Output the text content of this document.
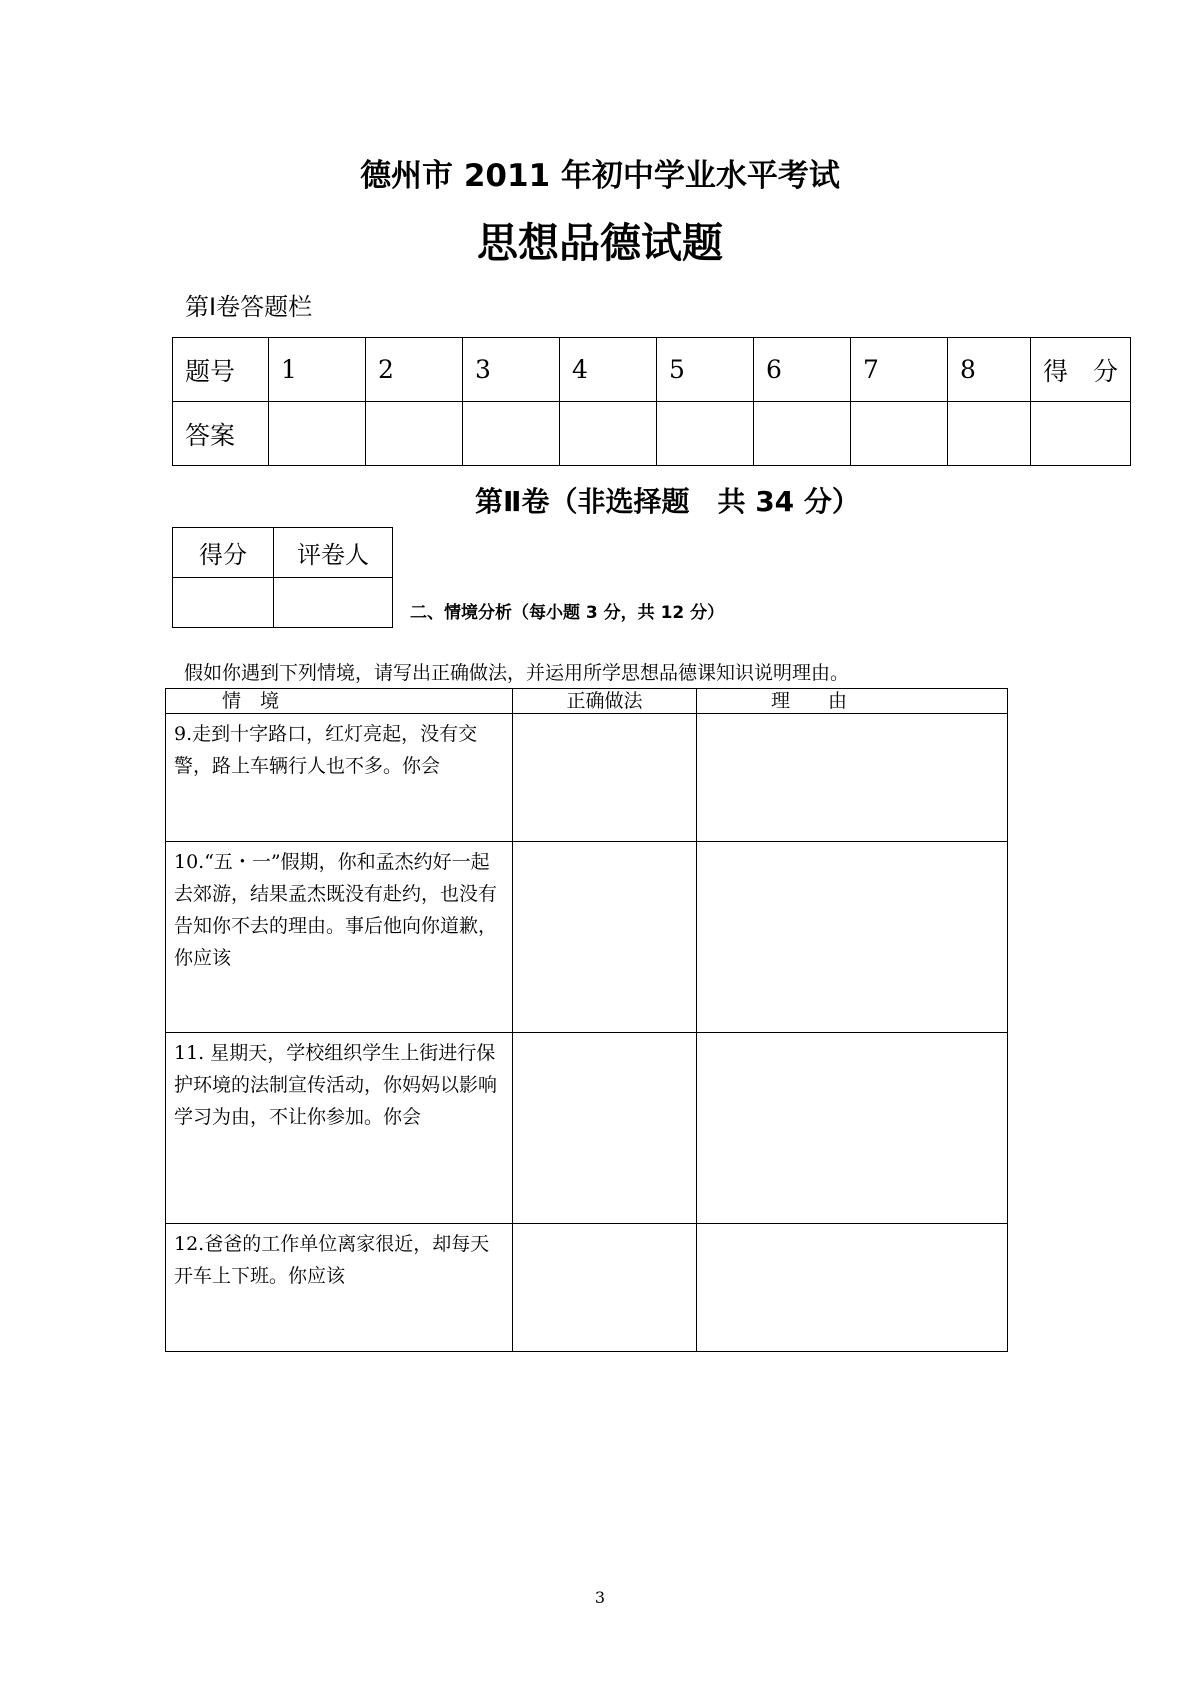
德州市 2011 年初中学业水平考试
思想品德试题
第Ⅰ卷答题栏
题号	1	2	3	4	5	6	7	8	得　分
答案									
第Ⅱ卷（非选择题　共 34 分）
得分	评卷人

二、情境分析（每小题 3 分，共 12 分）
假如你遇到下列情境，请写出正确做法，并运用所学思想品德课知识说明理由。
情　境	正确做法	理　　由
9.走到十字路口，红灯亮起，没有交警，路上车辆行人也不多。你会		
10.“五・一”假期，你和孟杰约好一起去郊游，结果孟杰既没有赴约，也没有告知你不去的理由。事后他向你道歉，你应该		
11. 星期天，学校组织学生上街进行保护环境的法制宣传活动，你妈妈以影响学习为由，不让你参加。你会		
12.爸爸的工作单位离家很近，却每天开车上下班。你应该		
3
